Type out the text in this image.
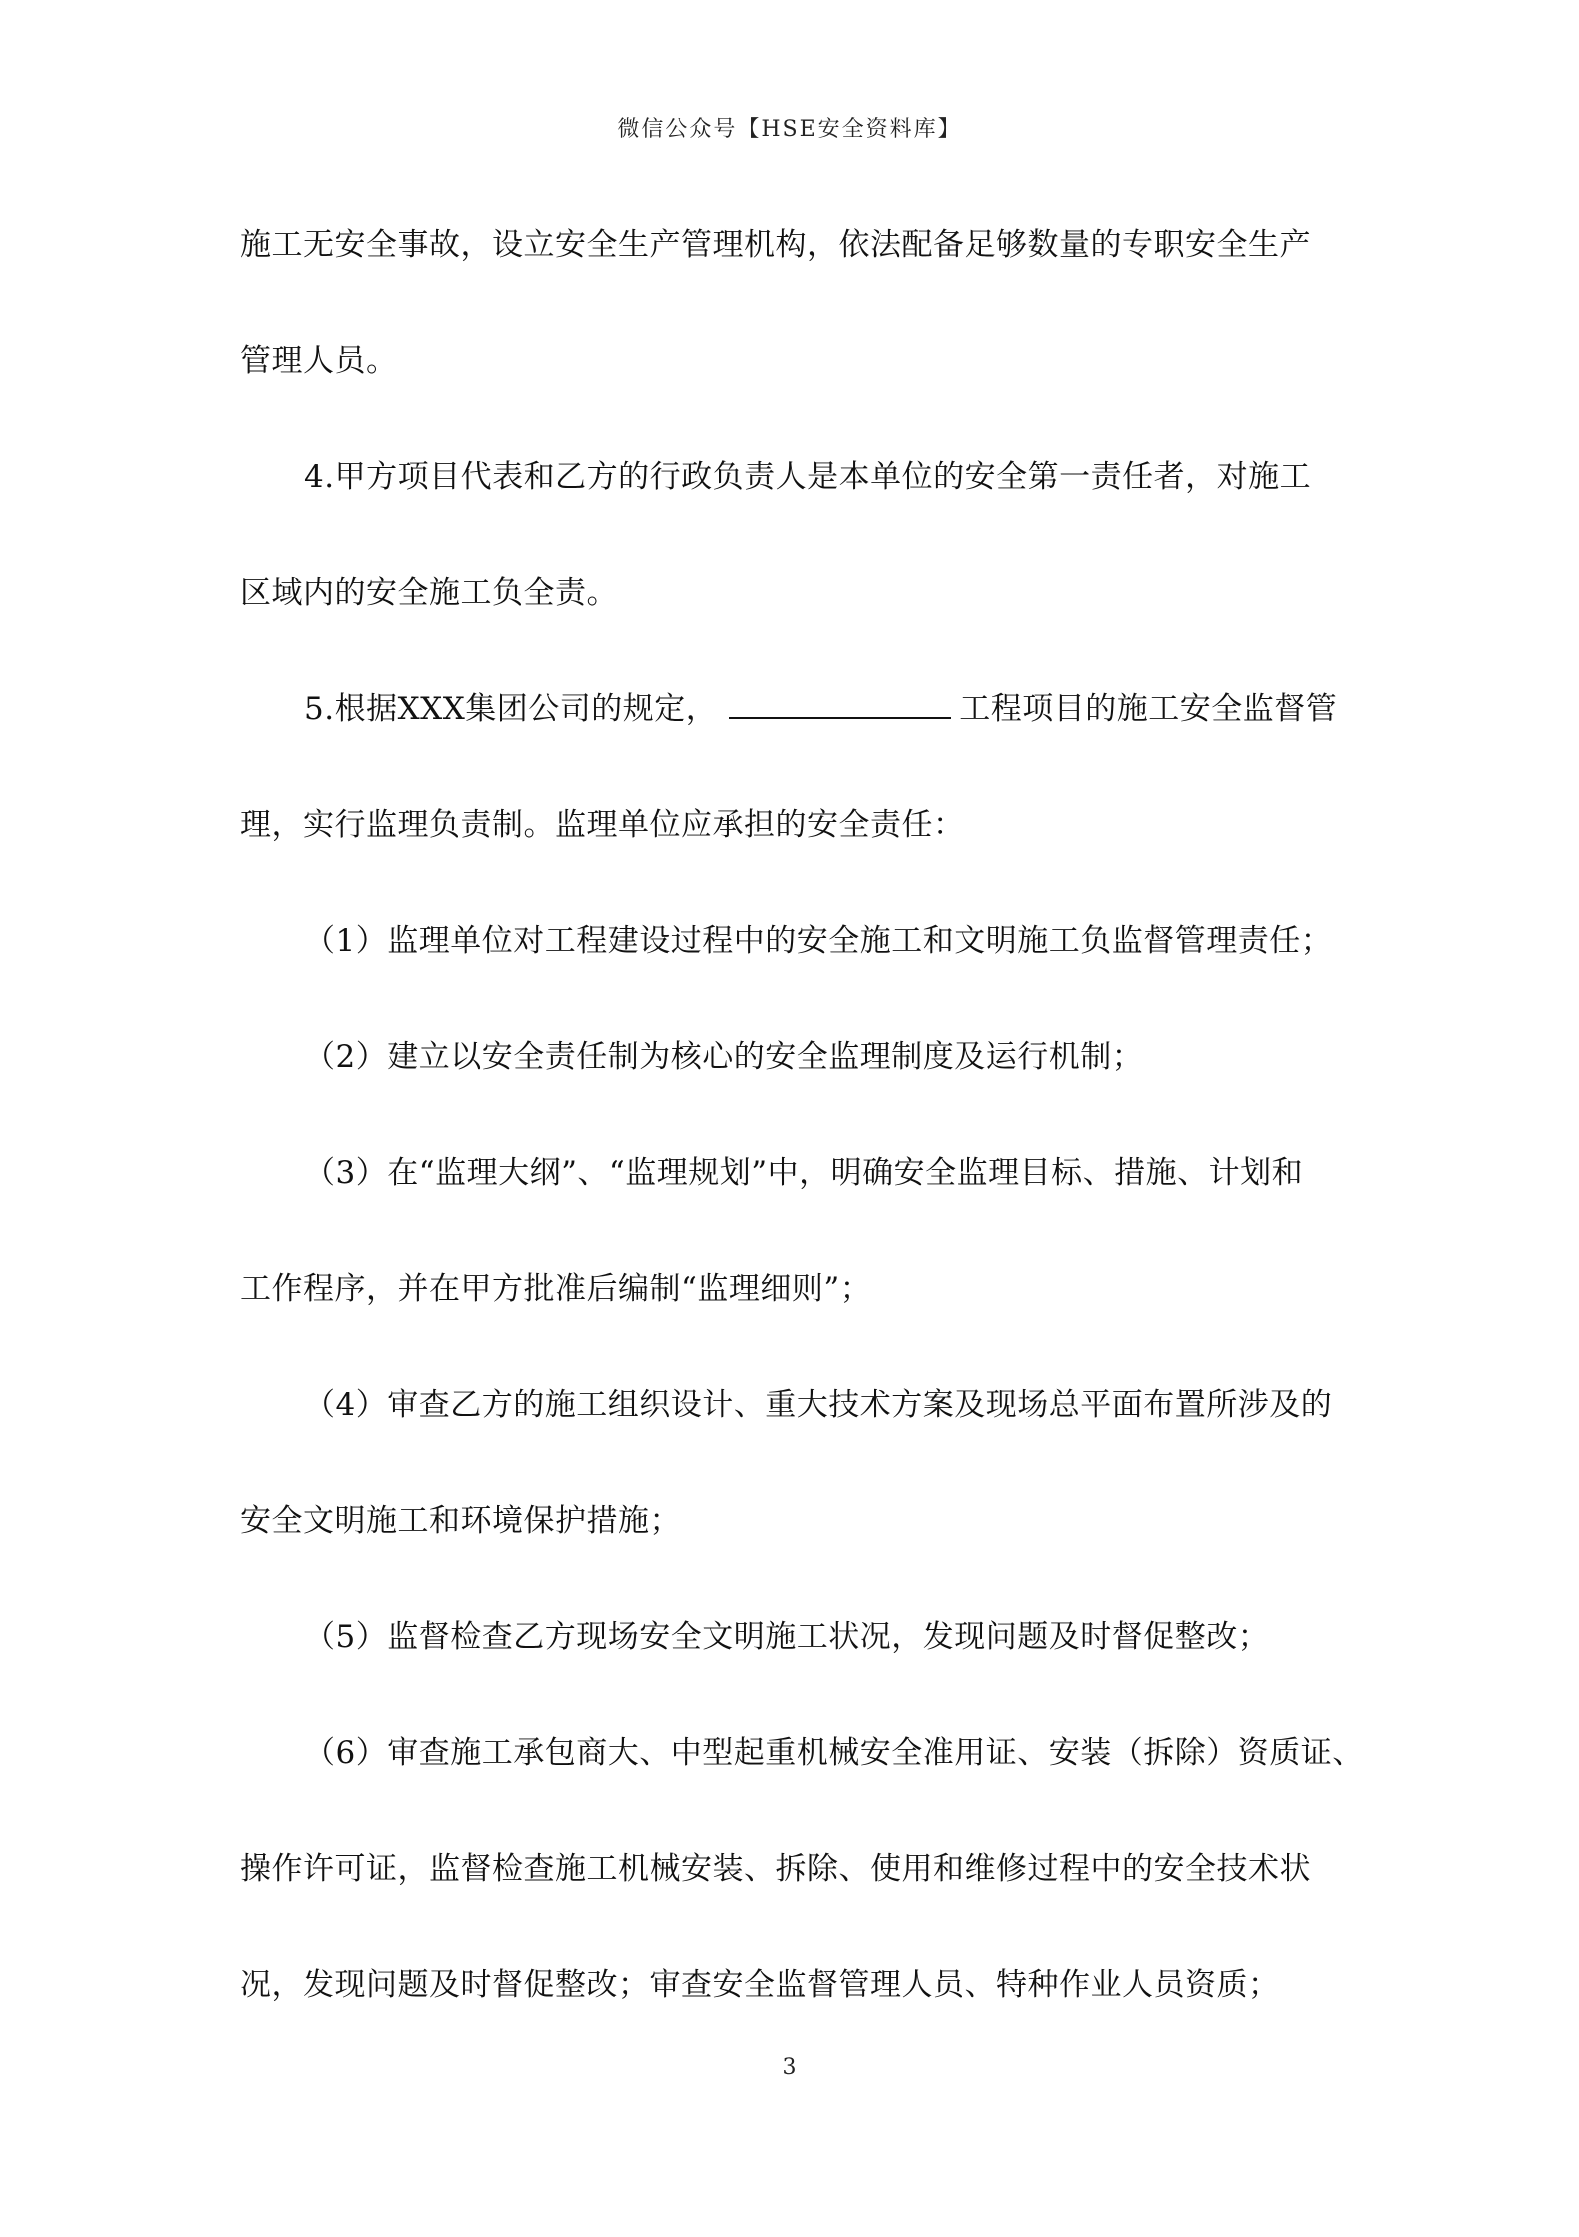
微信公众号【HSE安全资料库】
施工无安全事故，设立安全生产管理机构，依法配备足够数量的专职安全生产
管理人员。
4.甲方项目代表和乙方的行政负责人是本单位的安全第一责任者，对施工
区域内的安全施工负全责。
5.根据XXX集团公司的规定，	工程项目的施工安全监督管
理，实行监理负责制。监理单位应承担的安全责任：
（1）监理单位对工程建设过程中的安全施工和文明施工负监督管理责任；
（2）建立以安全责任制为核心的安全监理制度及运行机制；
（3）在“监理大纲”、“监理规划”中，明确安全监理目标、措施、计划和
工作程序，并在甲方批准后编制“监理细则”；
（4）审查乙方的施工组织设计、重大技术方案及现场总平面布置所涉及的
安全文明施工和环境保护措施；
（5）监督检查乙方现场安全文明施工状况，发现问题及时督促整改；
（6）审查施工承包商大、中型起重机械安全准用证、安装（拆除）资质证、
操作许可证，监督检查施工机械安装、拆除、使用和维修过程中的安全技术状
况，发现问题及时督促整改；审查安全监督管理人员、特种作业人员资质；
3
